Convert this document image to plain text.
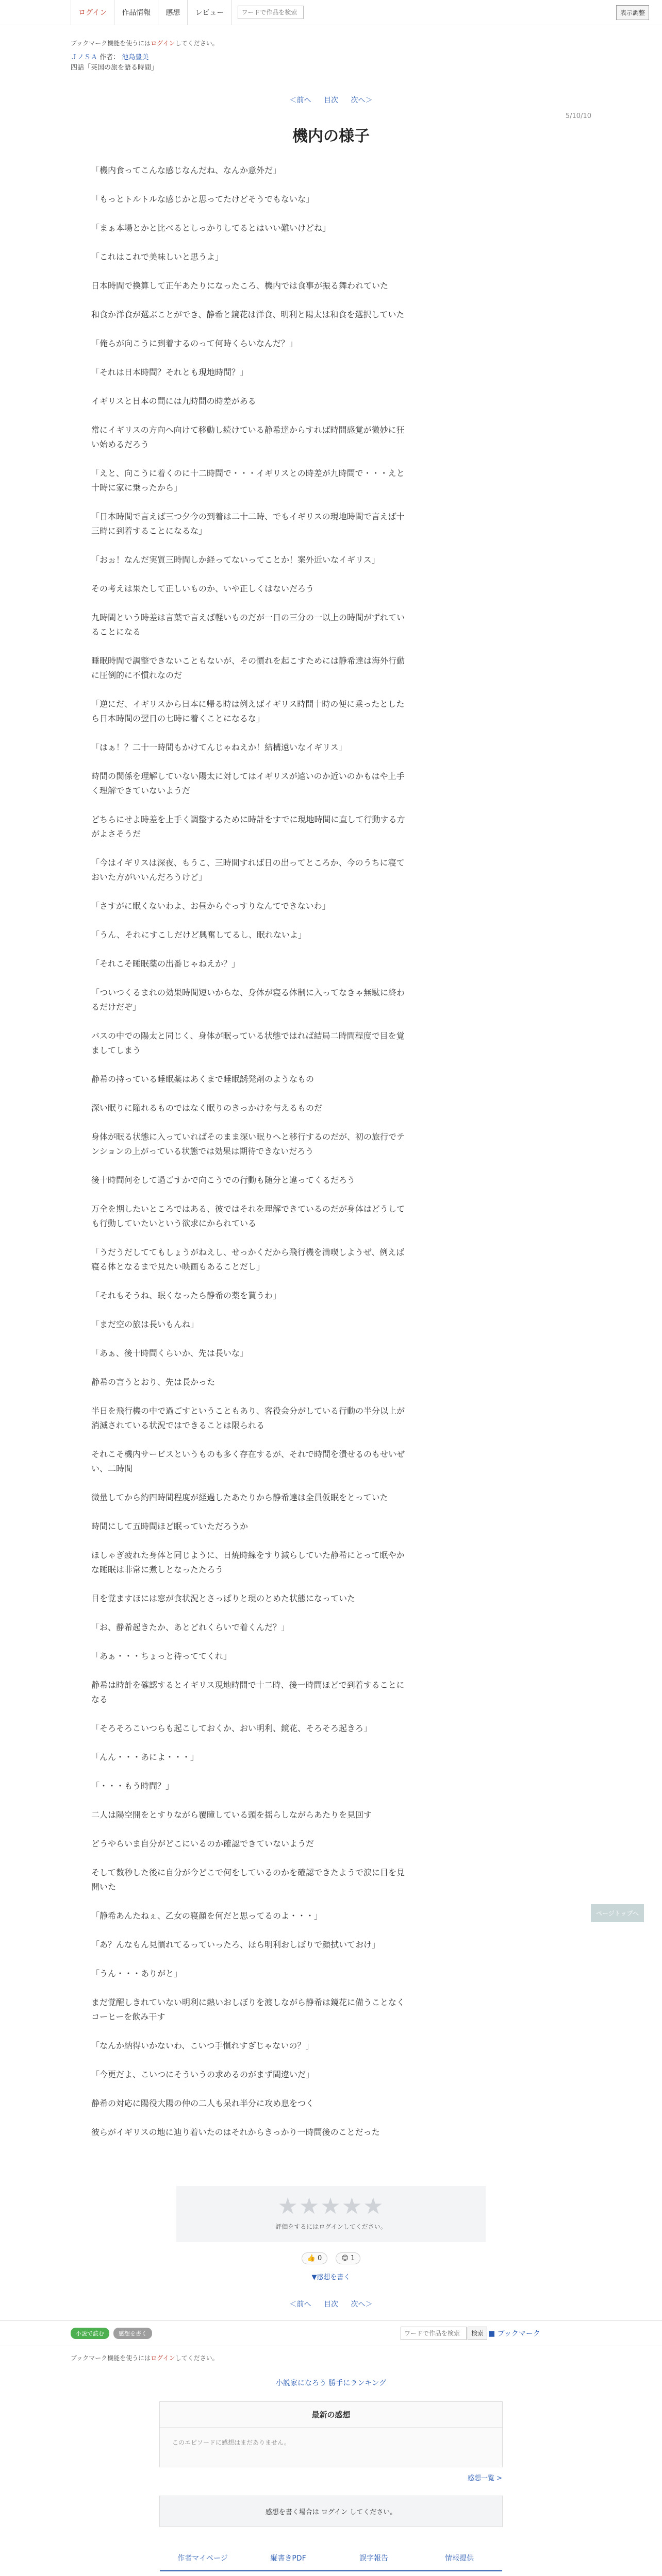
ログイン	作品情報	感想	レビュー
ワードで作品を検索	表示調整
ブックマーク機能を使うにはログインしてください。
ＪノＳＡ 作者： 池島豊美
四話「英国の旅を語る時間」
＜前へ 目次 次へ＞
5/10/10
機内の様子

「機内食ってこんな感じなんだね、なんか意外だ」

「もっとトルトルな感じかと思ってたけどそうでもないな」

「まぁ本場とかと比べるとしっかりしてるとはいい難いけどね」

「これはこれで美味しいと思うよ」

日本時間で換算して正午あたりになったころ、機内では食事が振る舞われていた

和食か洋食が選ぶことができ、静希と鏡花は洋食、明利と陽太は和食を選択していた

「俺らが向こうに到着するのって何時くらいなんだ？」

「それは日本時間？それとも現地時間？」

イギリスと日本の間には九時間の時差がある

常にイギリスの方向へ向けて移動し続けている静希達からすれば時間感覚が微妙に狂い始めるだろう

「えと、向こうに着くのに十二時間で・・・イギリスとの時差が九時間で・・・えと十時に家に乗ったから」

「日本時間で言えば三つ夕今の到着は二十二時、でもイギリスの現地時間で言えば十三時に到着することになるな」

「おぉ！なんだ実質三時間しか経ってないってことか！案外近いなイギリス」

その考えは果たして正しいものか、いや正しくはないだろう

九時間という時差は言葉で言えば軽いものだが一日の三分の一以上の時間がずれていることになる

睡眠時間で調整できないこともないが、その慣れを起こすためには静希達は海外行動に圧倒的に不慣れなのだ

「逆にだ、イギリスから日本に帰る時は例えばイギリス時間十時の便に乗ったとしたら日本時間の翌日の七時に着くことになるな」

「はぁ！？二十一時間もかけてんじゃねえか！結構遠いなイギリス」

時間の関係を理解していない陽太に対してはイギリスが遠いのか近いのかもはや上手く理解できていないようだ

どちらにせよ時差を上手く調整するために時計をすでに現地時間に直して行動する方がよさそうだ

「今はイギリスは深夜、もうこ、三時間すれば日の出ってところか、今のうちに寝ておいた方がいいんだろうけど」

「さすがに眠くないわよ、お昼からぐっすりなんてできないわ」

「うん、それにすこしだけど興奮してるし、眠れないよ」

「それこそ睡眠薬の出番じゃねえか？」

「ついつくるまれの効果時間短いからな、身体が寝る体制に入ってなきゃ無駄に終わるだけだぞ」

バスの中での陽太と同じく、身体が眠っている状態ではれば結局二時間程度で目を覚ましてしまう

静希の持っている睡眠薬はあくまで睡眠誘発剤のようなもの

深い眠りに陥れるものではなく眠りのきっかけを与えるものだ

身体が眠る状態に入っていればそのまま深い眠りへと移行するのだが、初の旅行でテンションの上がっている状態では効果は期待できないだろう

後十時間何をして過ごすかで向こうでの行動も随分と違ってくるだろう

万全を期したいところではある、彼ではそれを理解できているのだが身体はどうしても行動していたいという欲求にかられている

「うだうだしててもしょうがねえし、せっかくだから飛行機を満喫しようぜ、例えば寝る体となるまで見たい映画もあることだし」

「それもそうね、眠くなったら静希の薬を貰うわ」

「まだ空の旅は長いもんね」

「あぁ、後十時間くらいか、先は長いな」

静希の言うとおり、先は長かった

半日を飛行機の中で過ごすということもあり、客役会分がしている行動の半分以上が消滅されている状況ではできることは限られる

それこそ機内サービスというものも多く存在するが、それで時間を潰せるのもせいぜい、二時間

微量してから約四時間程度が経過したあたりから静希達は全員仮眠をとっていた

時間にして五時間ほど眠っていただろうか

ほしゃぎ疲れた身体と同じように、日焼時線をすり減らしていた静希にとって眠やかな睡眠は非常に煮しとなったたろう

目を覚ますほには窓が食状況とさっぱりと現のとめた状態になっていた

「お、静希起きたか、あとどれくらいで着くんだ？」

「あぁ・・・ちょっと待っててくれ」

静希は時計を確認するとイギリス現地時間で十二時、後一時間ほどで到着することになる

「そろそろこいつらも起こしておくか、おい明利、鏡花、そろそろ起きろ」

「んん・・・あによ・・・」

「・・・もう時間？」

二人は陽空開をとすりながら覆瞳している頭を揺らしながらあたりを見回す

どうやらいま自分がどこにいるのか確認できていないようだ

そして数秒した後に自分が今どこで何をしているのかを確認できたようで涙に目を見開いた

「静希あんたねぇ、乙女の寝顔を何だと思ってるのよ・・・」

「あ？んなもん見慣れてるっていったろ、ほら明利おしぼりで顔拭いておけ」

「うん・・・ありがと」

まだ覚醒しきれていない明利に熱いおしぼりを渡しながら静希は鏡花に備うことなくコーヒーを飲み干す

「なんか納得いかないわ、こいつ手慣れすぎじゃないの？」

「今更だよ、こいつにそういうの求めるのがまず間違いだ」

静希の対応に陽役大陽の仲の二人も呆れ半分に攻め息をつく

彼らがイギリスの地に辿り着いたのはそれからきっかり一時間後のことだった

★★★★★
評価をするにはログインしてください。
👍 0	😊 1
▼感想を書く
＜前へ 目次 次へ＞
小説で読む	感想を書く
ワードで作品を検索	検索 ■ ブックマーク
ブックマーク機能を使うにはログインしてください。
小説家になろう 勝手にランキング
最新の感想
このエピソードに感想はまだありません。
感想一覧 >
感想を書く場合は ログイン してください。
作者マイページ	縦書きPDF	誤字報告	情報提供
ページトップへ
